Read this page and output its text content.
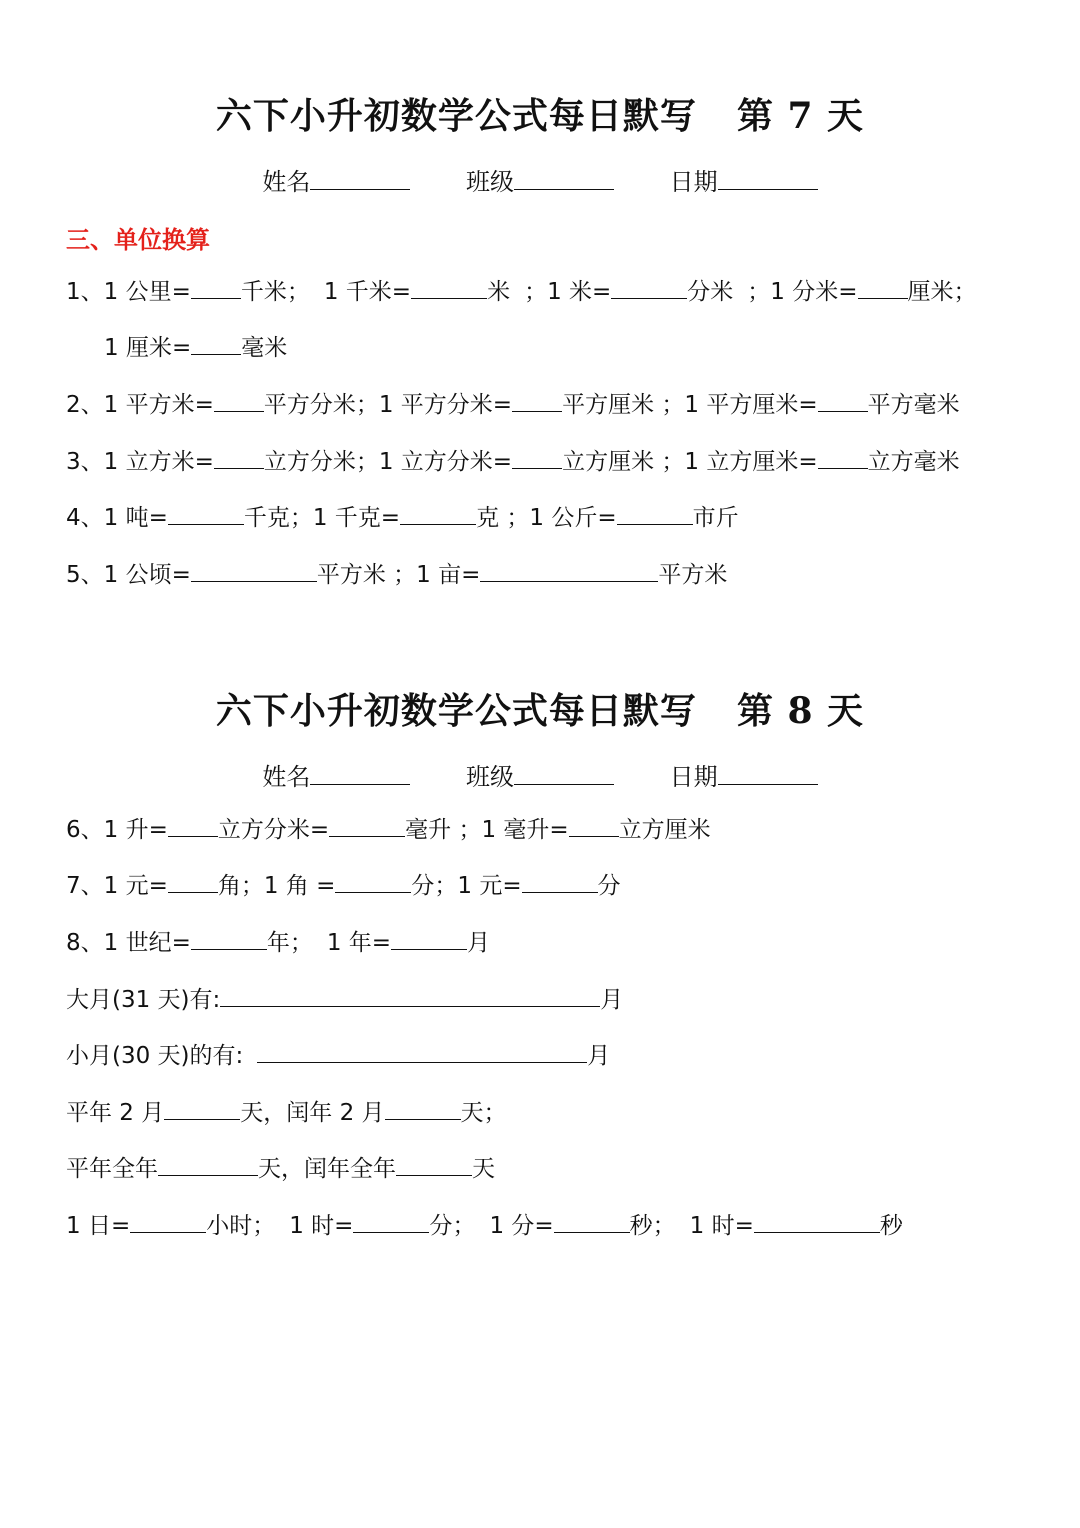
六下小升初数学公式每日默写 第 7 天
姓名	班级	日期
三、单位换算
1、1 公里= 千米； 1 千米=	米 ；1 米=	分米 ；1 分米= 厘米；
1 厘米= 毫米
2、1 平方米= 平方分米；1 平方分米= 平方厘米 ；1 平方厘米= 平方毫米
3、1 立方米= 立方分米；1 立方分米= 立方厘米 ；1 立方厘米= 立方毫米
4、1 吨=	千克；1 千克=	克 ；1 公斤=	市斤
5、1 公顷=	平方米 ；1 亩=	平方米
六下小升初数学公式每日默写 第 8 天
姓名	班级	日期
6、1 升= 立方分米=	毫升 ；1 毫升= 立方厘米
7、1 元= 角；1 角 =	分；1 元=	分
8、1 世纪=	年； 1 年=	月
大月(31 天)有:	月
小月(30 天)的有:	月
平年 2 月	天，闰年 2 月	天；
平年全年	天，闰年全年	天
1 日=	小时； 1 时=	分； 1 分=	秒； 1 时=	秒
